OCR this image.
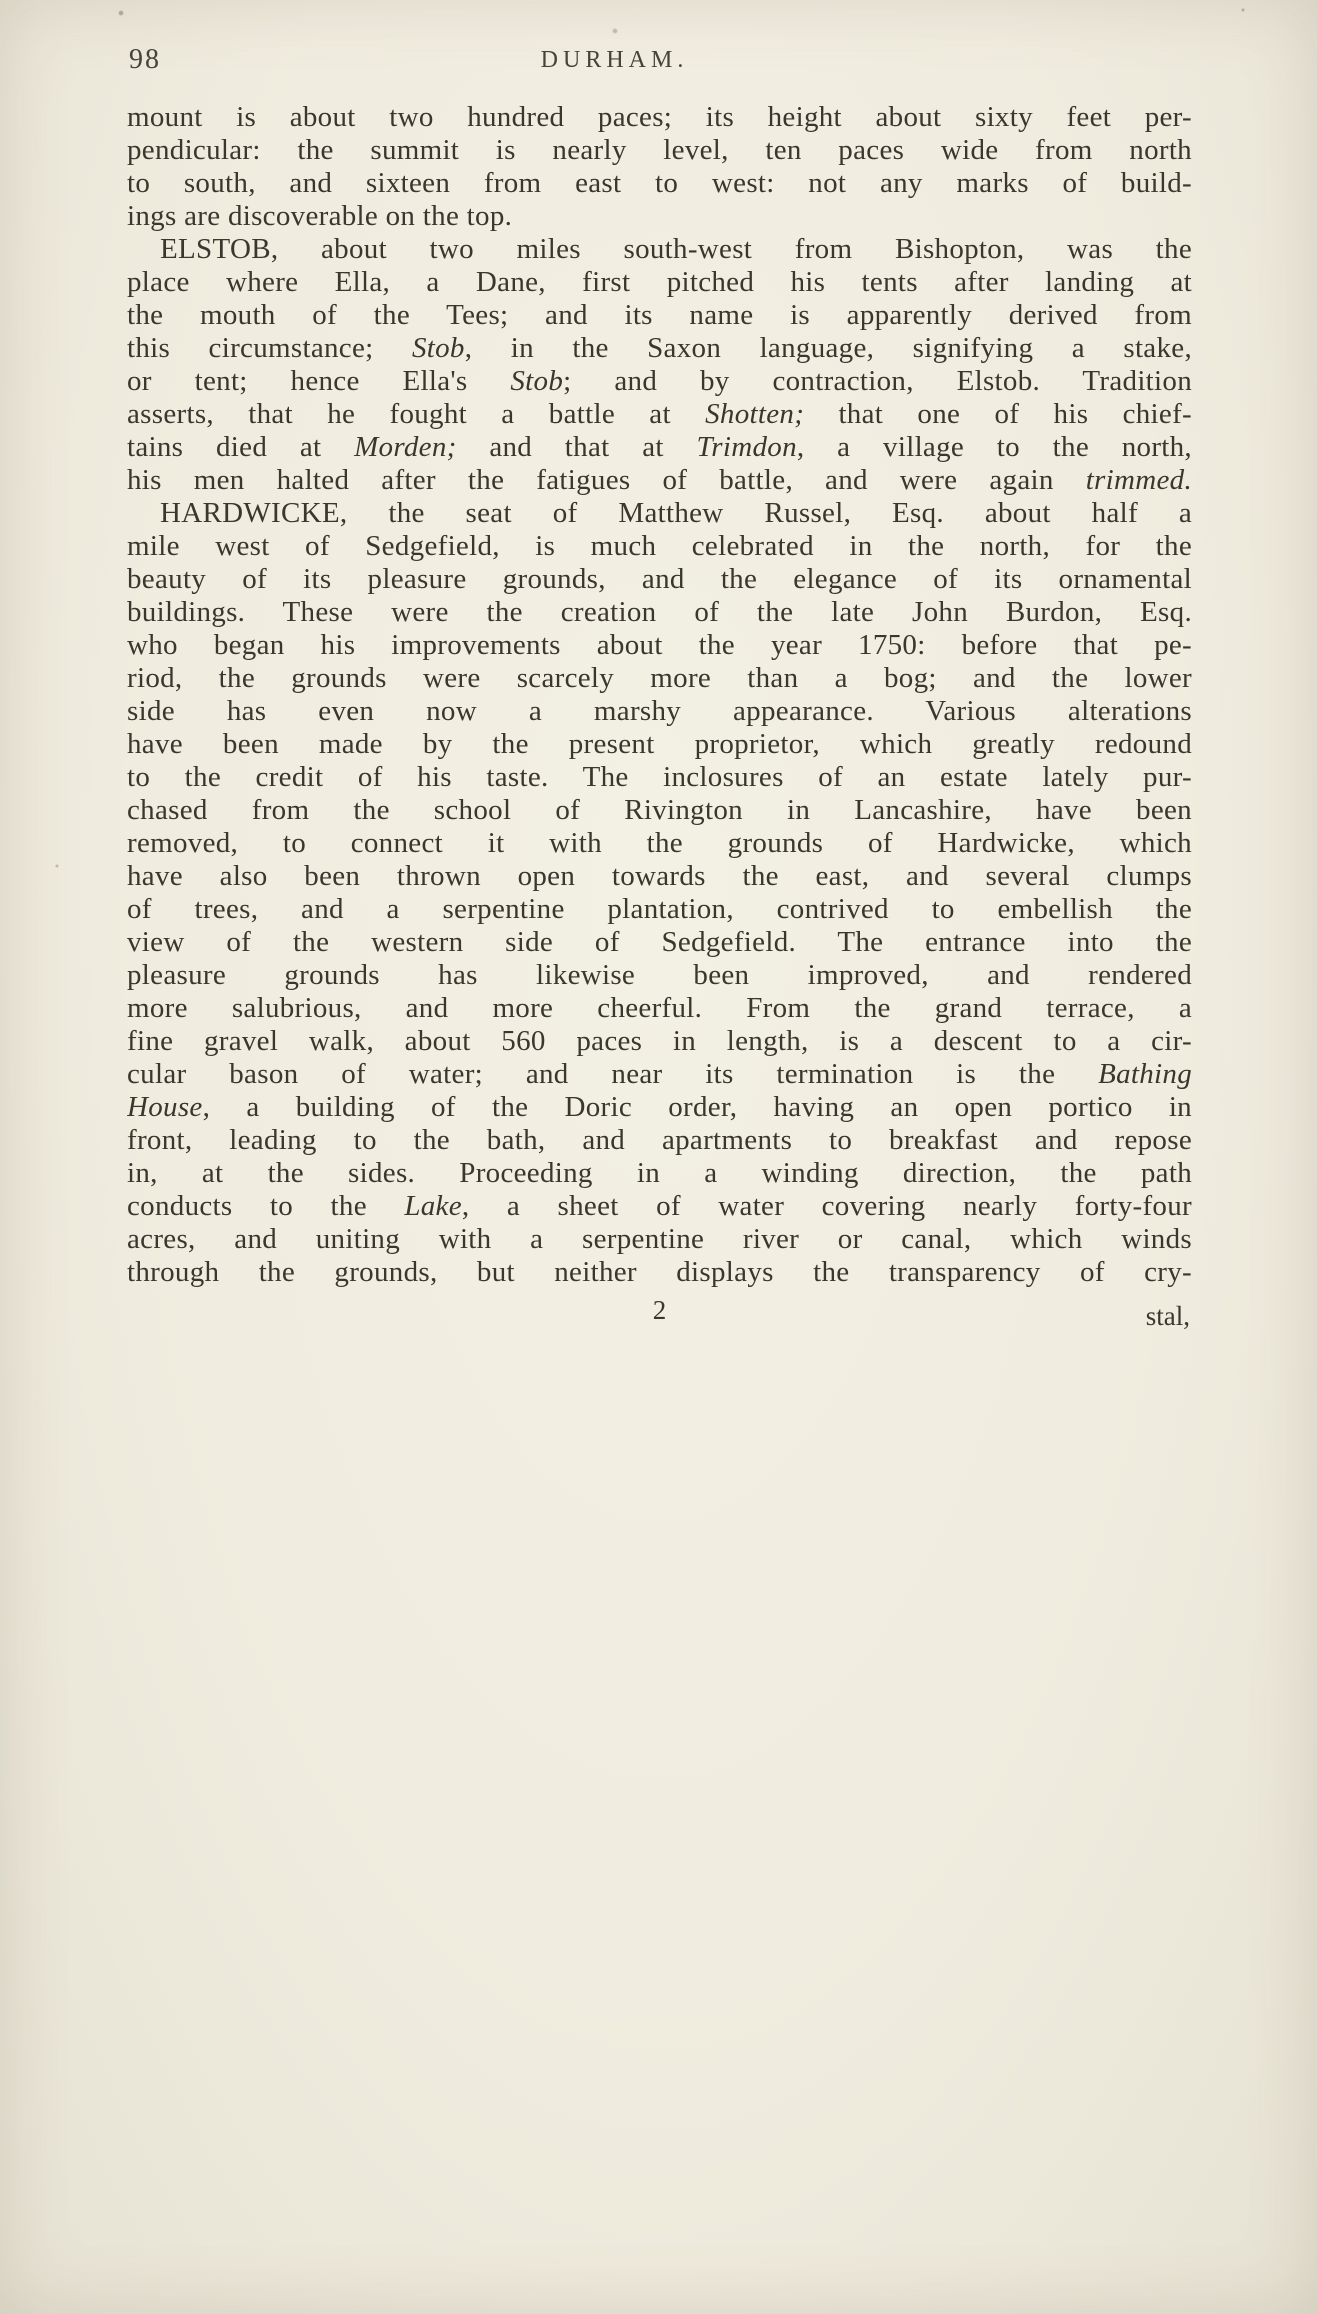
98	DURHAM.
mount is about two hundred paces; its height about sixty feet per-
pendicular: the summit is nearly level, ten paces wide from north
to south, and sixteen from east to west: not any marks of build-
ings are discoverable on the top.
ELSTOB, about two miles south-west from Bishopton, was the
place where Ella, a Dane, first pitched his tents after landing at
the mouth of the Tees; and its name is apparently derived from
this circumstance; Stob, in the Saxon language, signifying a stake,
or tent; hence Ella's Stob; and by contraction, Elstob. Tradition
asserts, that he fought a battle at Shotten; that one of his chief-
tains died at Morden; and that at Trimdon, a village to the north,
his men halted after the fatigues of battle, and were again trimmed.
HARDWICKE, the seat of Matthew Russel, Esq. about half a
mile west of Sedgefield, is much celebrated in the north, for the
beauty of its pleasure grounds, and the elegance of its ornamental
buildings. These were the creation of the late John Burdon, Esq.
who began his improvements about the year 1750: before that pe-
riod, the grounds were scarcely more than a bog; and the lower
side has even now a marshy appearance. Various alterations
have been made by the present proprietor, which greatly redound
to the credit of his taste. The inclosures of an estate lately pur-
chased from the school of Rivington in Lancashire, have been
removed, to connect it with the grounds of Hardwicke, which
have also been thrown open towards the east, and several clumps
of trees, and a serpentine plantation, contrived to embellish the
view of the western side of Sedgefield. The entrance into the
pleasure grounds has likewise been improved, and rendered
more salubrious, and more cheerful. From the grand terrace, a
fine gravel walk, about 560 paces in length, is a descent to a cir-
cular bason of water; and near its termination is the Bathing
House, a building of the Doric order, having an open portico in
front, leading to the bath, and apartments to breakfast and repose
in, at the sides. Proceeding in a winding direction, the path
conducts to the Lake, a sheet of water covering nearly forty-four
acres, and uniting with a serpentine river or canal, which winds
through the grounds, but neither displays the transparency of cry-
2	stal,
